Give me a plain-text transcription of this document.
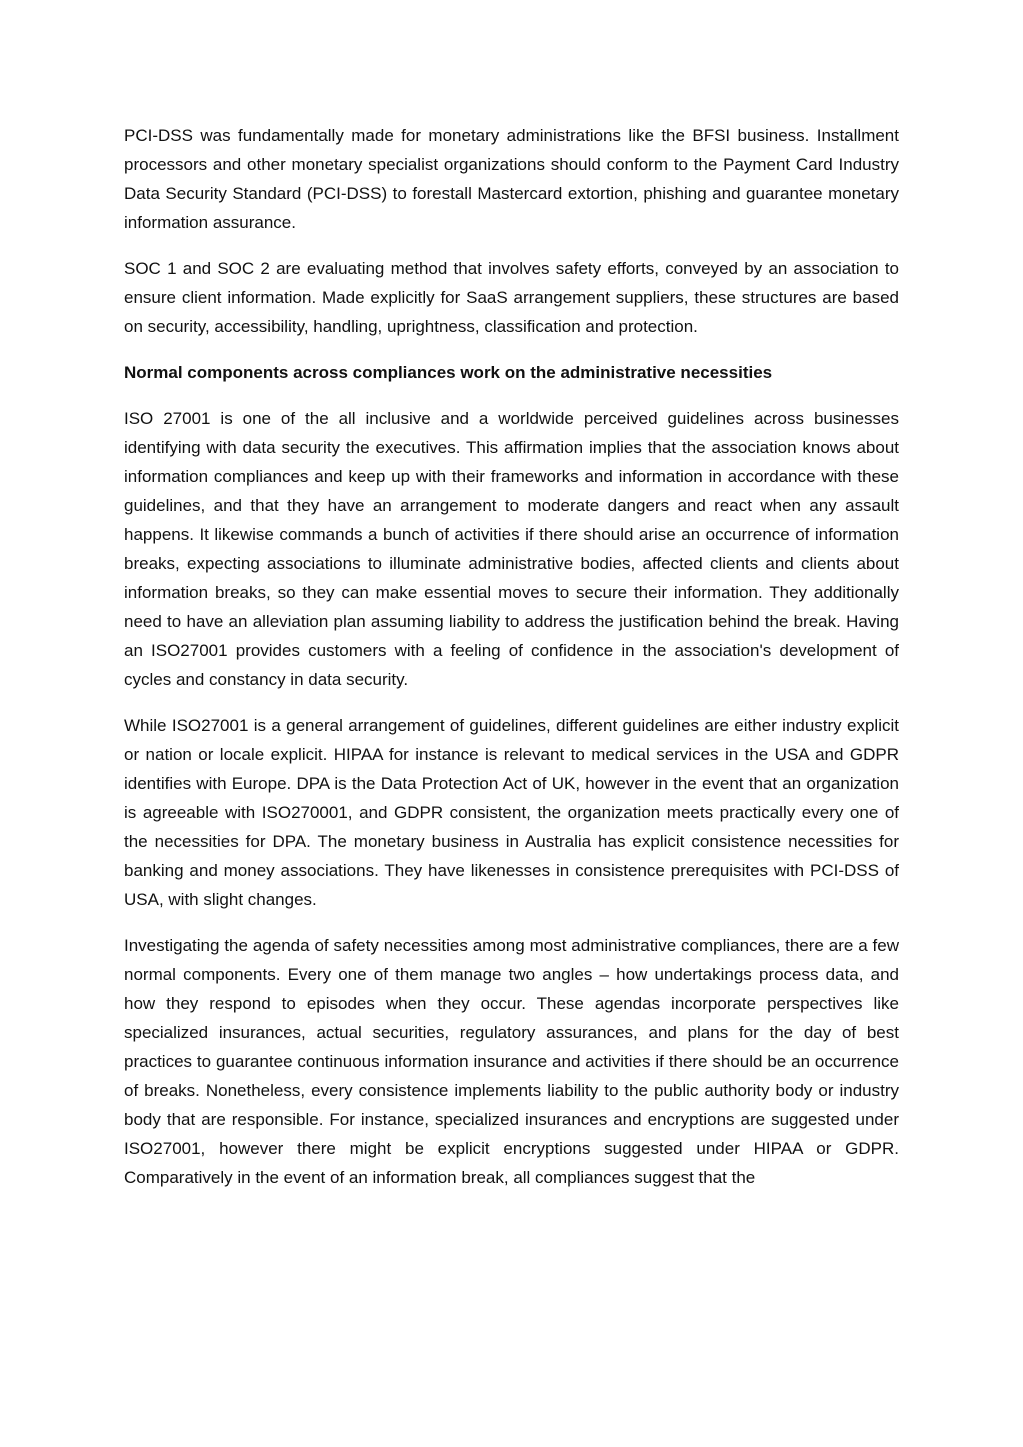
PCI-DSS was fundamentally made for monetary administrations like the BFSI business. Installment processors and other monetary specialist organizations should conform to the Payment Card Industry Data Security Standard (PCI-DSS) to forestall Mastercard extortion, phishing and guarantee monetary information assurance.

SOC 1 and SOC 2 are evaluating method that involves safety efforts, conveyed by an association to ensure client information. Made explicitly for SaaS arrangement suppliers, these structures are based on security, accessibility, handling, uprightness, classification and protection.

Normal components across compliances work on the administrative necessities

ISO 27001 is one of the all inclusive and a worldwide perceived guidelines across businesses identifying with data security the executives. This affirmation implies that the association knows about information compliances and keep up with their frameworks and information in accordance with these guidelines, and that they have an arrangement to moderate dangers and react when any assault happens. It likewise commands a bunch of activities if there should arise an occurrence of information breaks, expecting associations to illuminate administrative bodies, affected clients and clients about information breaks, so they can make essential moves to secure their information. They additionally need to have an alleviation plan assuming liability to address the justification behind the break. Having an ISO27001 provides customers with a feeling of confidence in the association's development of cycles and constancy in data security.

While ISO27001 is a general arrangement of guidelines, different guidelines are either industry explicit or nation or locale explicit. HIPAA for instance is relevant to medical services in the USA and GDPR identifies with Europe. DPA is the Data Protection Act of UK, however in the event that an organization is agreeable with ISO270001, and GDPR consistent, the organization meets practically every one of the necessities for DPA. The monetary business in Australia has explicit consistence necessities for banking and money associations. They have likenesses in consistence prerequisites with PCI-DSS of USA, with slight changes.

Investigating the agenda of safety necessities among most administrative compliances, there are a few normal components. Every one of them manage two angles – how undertakings process data, and how they respond to episodes when they occur. These agendas incorporate perspectives like specialized insurances, actual securities, regulatory assurances, and plans for the day of best practices to guarantee continuous information insurance and activities if there should be an occurrence of breaks. Nonetheless, every consistence implements liability to the public authority body or industry body that are responsible. For instance, specialized insurances and encryptions are suggested under ISO27001, however there might be explicit encryptions suggested under HIPAA or GDPR. Comparatively in the event of an information break, all compliances suggest that the
